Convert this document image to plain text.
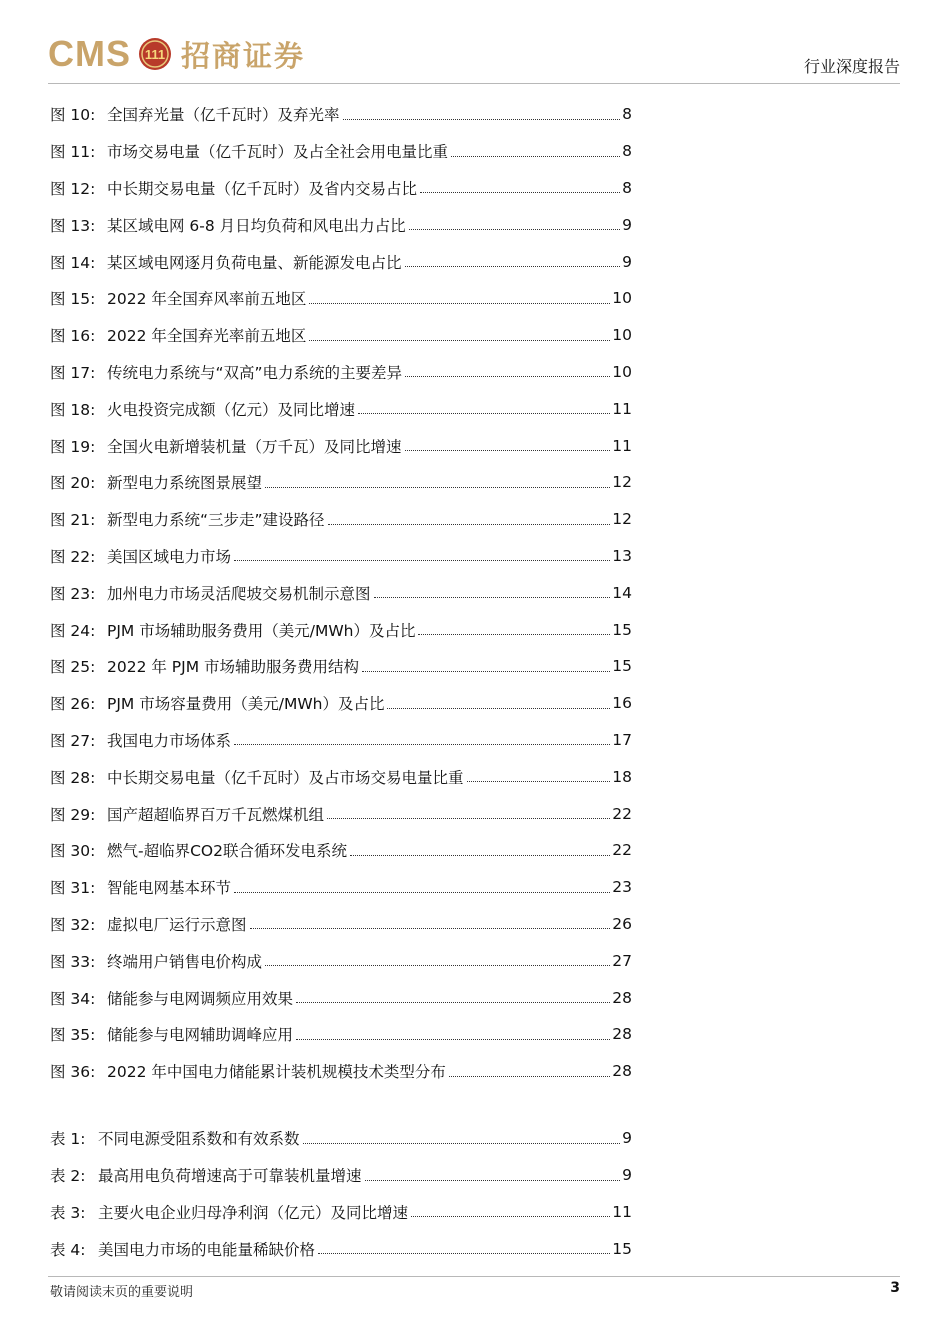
CMS 111 招商证券	行业深度报告
图 10: 全国弃光量（亿千瓦时）及弃光率	8
图 11: 市场交易电量（亿千瓦时）及占全社会用电量比重	8
图 12: 中长期交易电量（亿千瓦时）及省内交易占比	8
图 13: 某区域电网 6-8 月日均负荷和风电出力占比	9
图 14: 某区域电网逐月负荷电量、新能源发电占比	9
图 15: 2022 年全国弃风率前五地区	10
图 16: 2022 年全国弃光率前五地区	10
图 17: 传统电力系统与“双高”电力系统的主要差异	10
图 18: 火电投资完成额（亿元）及同比增速	11
图 19: 全国火电新增装机量（万千瓦）及同比增速	11
图 20: 新型电力系统图景展望	12
图 21: 新型电力系统“三步走”建设路径	12
图 22: 美国区域电力市场	13
图 23: 加州电力市场灵活爬坡交易机制示意图	14
图 24: PJM 市场辅助服务费用（美元/MWh）及占比	15
图 25: 2022 年 PJM 市场辅助服务费用结构	15
图 26: PJM 市场容量费用（美元/MWh）及占比	16
图 27: 我国电力市场体系	17
图 28: 中长期交易电量（亿千瓦时）及占市场交易电量比重	18
图 29: 国产超超临界百万千瓦燃煤机组	22
图 30: 燃气-超临界CO2联合循环发电系统	22
图 31: 智能电网基本环节	23
图 32: 虚拟电厂运行示意图	26
图 33: 终端用户销售电价构成	27
图 34: 储能参与电网调频应用效果	28
图 35: 储能参与电网辅助调峰应用	28
图 36: 2022 年中国电力储能累计装机规模技术类型分布	28
表 1: 不同电源受阻系数和有效系数	9
表 2: 最高用电负荷增速高于可靠装机量增速	9
表 3: 主要火电企业归母净利润（亿元）及同比增速	11
表 4: 美国电力市场的电能量稀缺价格	15
敬请阅读末页的重要说明	3
